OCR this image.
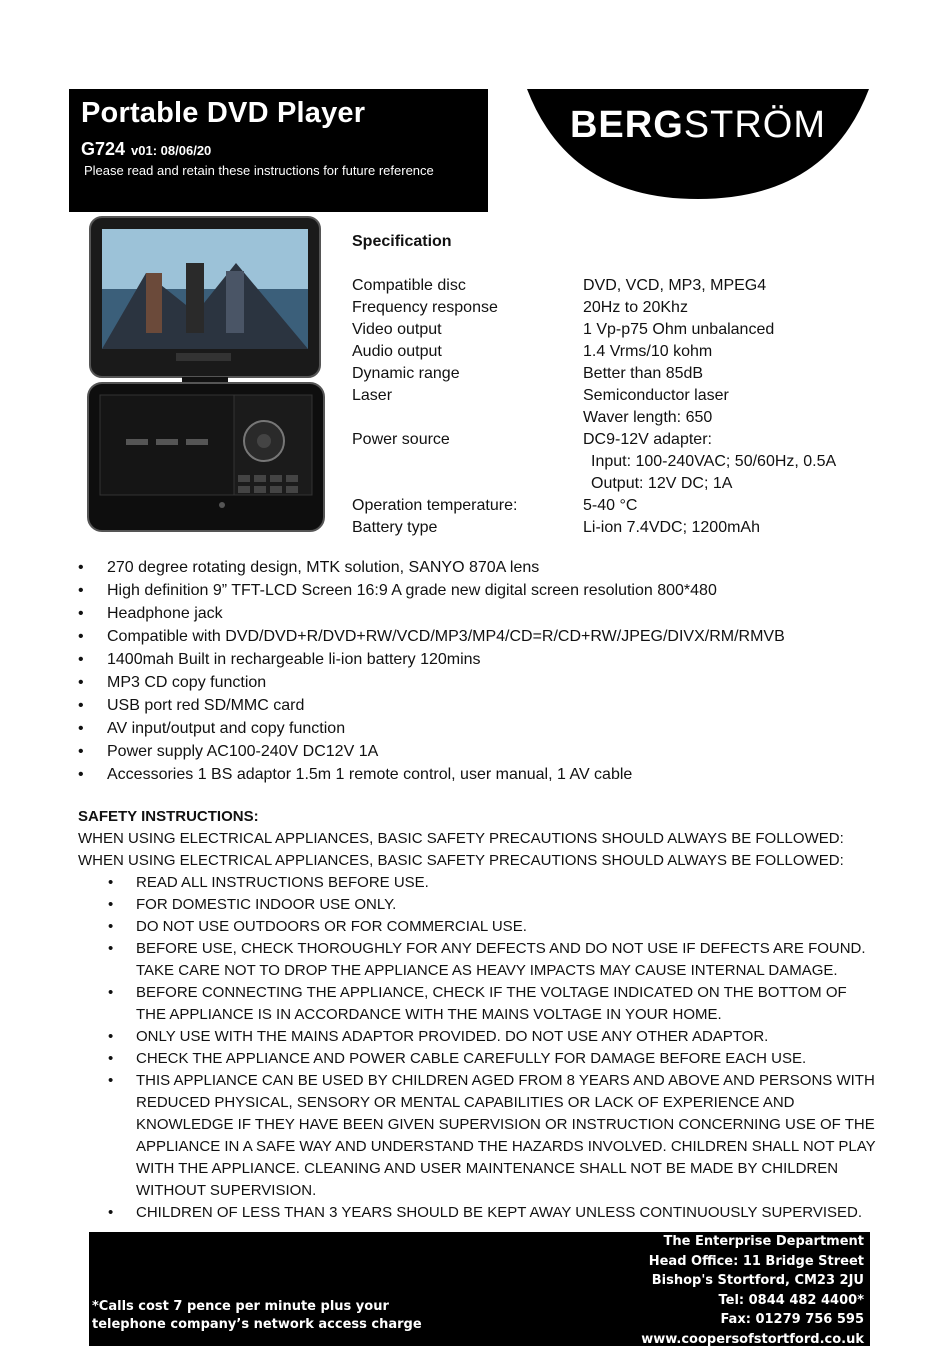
Portable DVD Player
G724 v01: 08/06/20
Please read and retain these instructions for future reference
BERGSTRÖM
Specification
Compatible disc	DVD, VCD, MP3, MPEG4
Frequency response	20Hz to 20Khz
Video output	1 Vp-p75 Ohm unbalanced
Audio output	1.4 Vrms/10 kohm
Dynamic range	Better than 85dB
Laser	Semiconductor laser
Waver length: 650
Power source	DC9-12V adapter:
Input: 100-240VAC; 50/60Hz, 0.5A
Output: 12V DC; 1A
Operation temperature:	5-40 °C
Battery type	Li-ion 7.4VDC; 1200mAh
• 270 degree rotating design, MTK solution, SANYO 870A lens
• High definition 9” TFT-LCD Screen 16:9 A grade new digital screen resolution 800*480
• Headphone jack
• Compatible with DVD/DVD+R/DVD+RW/VCD/MP3/MP4/CD=R/CD+RW/JPEG/DIVX/RM/RMVB
• 1400mah Built in rechargeable li-ion battery 120mins
• MP3 CD copy function
• USB port red SD/MMC card
• AV input/output and copy function
• Power supply AC100-240V DC12V 1A
• Accessories 1 BS adaptor 1.5m 1 remote control, user manual, 1 AV cable
SAFETY INSTRUCTIONS:
WHEN USING ELECTRICAL APPLIANCES, BASIC SAFETY PRECAUTIONS SHOULD ALWAYS BE FOLLOWED:
WHEN USING ELECTRICAL APPLIANCES, BASIC SAFETY PRECAUTIONS SHOULD ALWAYS BE FOLLOWED:
• READ ALL INSTRUCTIONS BEFORE USE.
• FOR DOMESTIC INDOOR USE ONLY.
• DO NOT USE OUTDOORS OR FOR COMMERCIAL USE.
• BEFORE USE, CHECK THOROUGHLY FOR ANY DEFECTS AND DO NOT USE IF DEFECTS ARE FOUND. TAKE CARE NOT TO DROP THE APPLIANCE AS HEAVY IMPACTS MAY CAUSE INTERNAL DAMAGE.
• BEFORE CONNECTING THE APPLIANCE, CHECK IF THE VOLTAGE INDICATED ON THE BOTTOM OF THE APPLIANCE IS IN ACCORDANCE WITH THE MAINS VOLTAGE IN YOUR HOME.
• ONLY USE WITH THE MAINS ADAPTOR PROVIDED. DO NOT USE ANY OTHER ADAPTOR.
• CHECK THE APPLIANCE AND POWER CABLE CAREFULLY FOR DAMAGE BEFORE EACH USE.
• THIS APPLIANCE CAN BE USED BY CHILDREN AGED FROM 8 YEARS AND ABOVE AND PERSONS WITH REDUCED PHYSICAL, SENSORY OR MENTAL CAPABILITIES OR LACK OF EXPERIENCE AND KNOWLEDGE IF THEY HAVE BEEN GIVEN SUPERVISION OR INSTRUCTION CONCERNING USE OF THE APPLIANCE IN A SAFE WAY AND UNDERSTAND THE HAZARDS INVOLVED. CHILDREN SHALL NOT PLAY WITH THE APPLIANCE. CLEANING AND USER MAINTENANCE SHALL NOT BE MADE BY CHILDREN WITHOUT SUPERVISION.
• CHILDREN OF LESS THAN 3 YEARS SHOULD BE KEPT AWAY UNLESS CONTINUOUSLY SUPERVISED.
The Enterprise Department
Head Office: 11 Bridge Street
Bishop's Stortford, CM23 2JU
Tel: 0844 482 4400*
Fax: 01279 756 595
www.coopersofstortford.co.uk
*Calls cost 7 pence per minute plus your
telephone company’s network access charge
